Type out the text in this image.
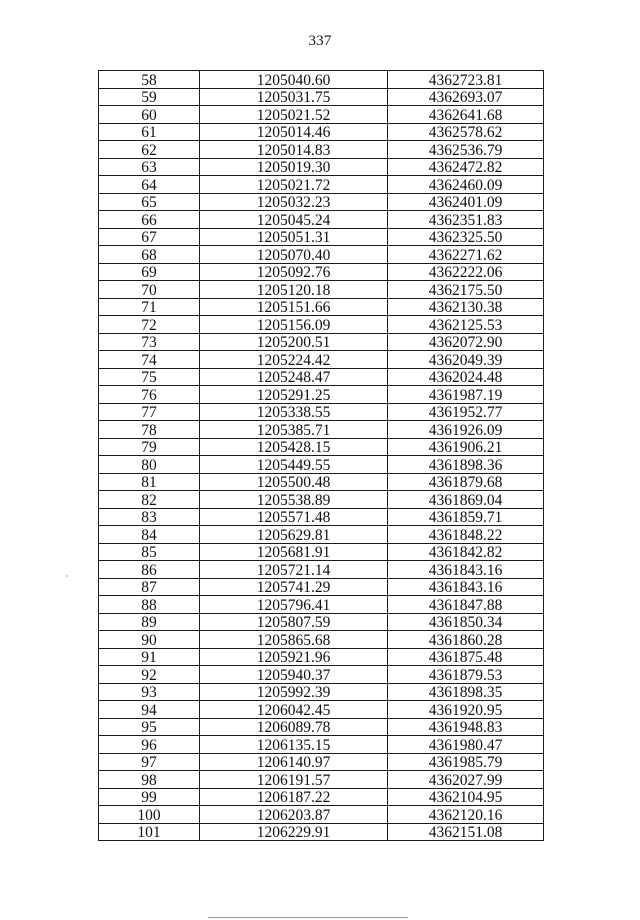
337
58	1205040.60	4362723.81
59	1205031.75	4362693.07
60	1205021.52	4362641.68
61	1205014.46	4362578.62
62	1205014.83	4362536.79
63	1205019.30	4362472.82
64	1205021.72	4362460.09
65	1205032.23	4362401.09
66	1205045.24	4362351.83
67	1205051.31	4362325.50
68	1205070.40	4362271.62
69	1205092.76	4362222.06
70	1205120.18	4362175.50
71	1205151.66	4362130.38
72	1205156.09	4362125.53
73	1205200.51	4362072.90
74	1205224.42	4362049.39
75	1205248.47	4362024.48
76	1205291.25	4361987.19
77	1205338.55	4361952.77
78	1205385.71	4361926.09
79	1205428.15	4361906.21
80	1205449.55	4361898.36
81	1205500.48	4361879.68
82	1205538.89	4361869.04
83	1205571.48	4361859.71
84	1205629.81	4361848.22
85	1205681.91	4361842.82
86	1205721.14	4361843.16
87	1205741.29	4361843.16
88	1205796.41	4361847.88
89	1205807.59	4361850.34
90	1205865.68	4361860.28
91	1205921.96	4361875.48
92	1205940.37	4361879.53
93	1205992.39	4361898.35
94	1206042.45	4361920.95
95	1206089.78	4361948.83
96	1206135.15	4361980.47
97	1206140.97	4361985.79
98	1206191.57	4362027.99
99	1206187.22	4362104.95
100	1206203.87	4362120.16
101	1206229.91	4362151.08
